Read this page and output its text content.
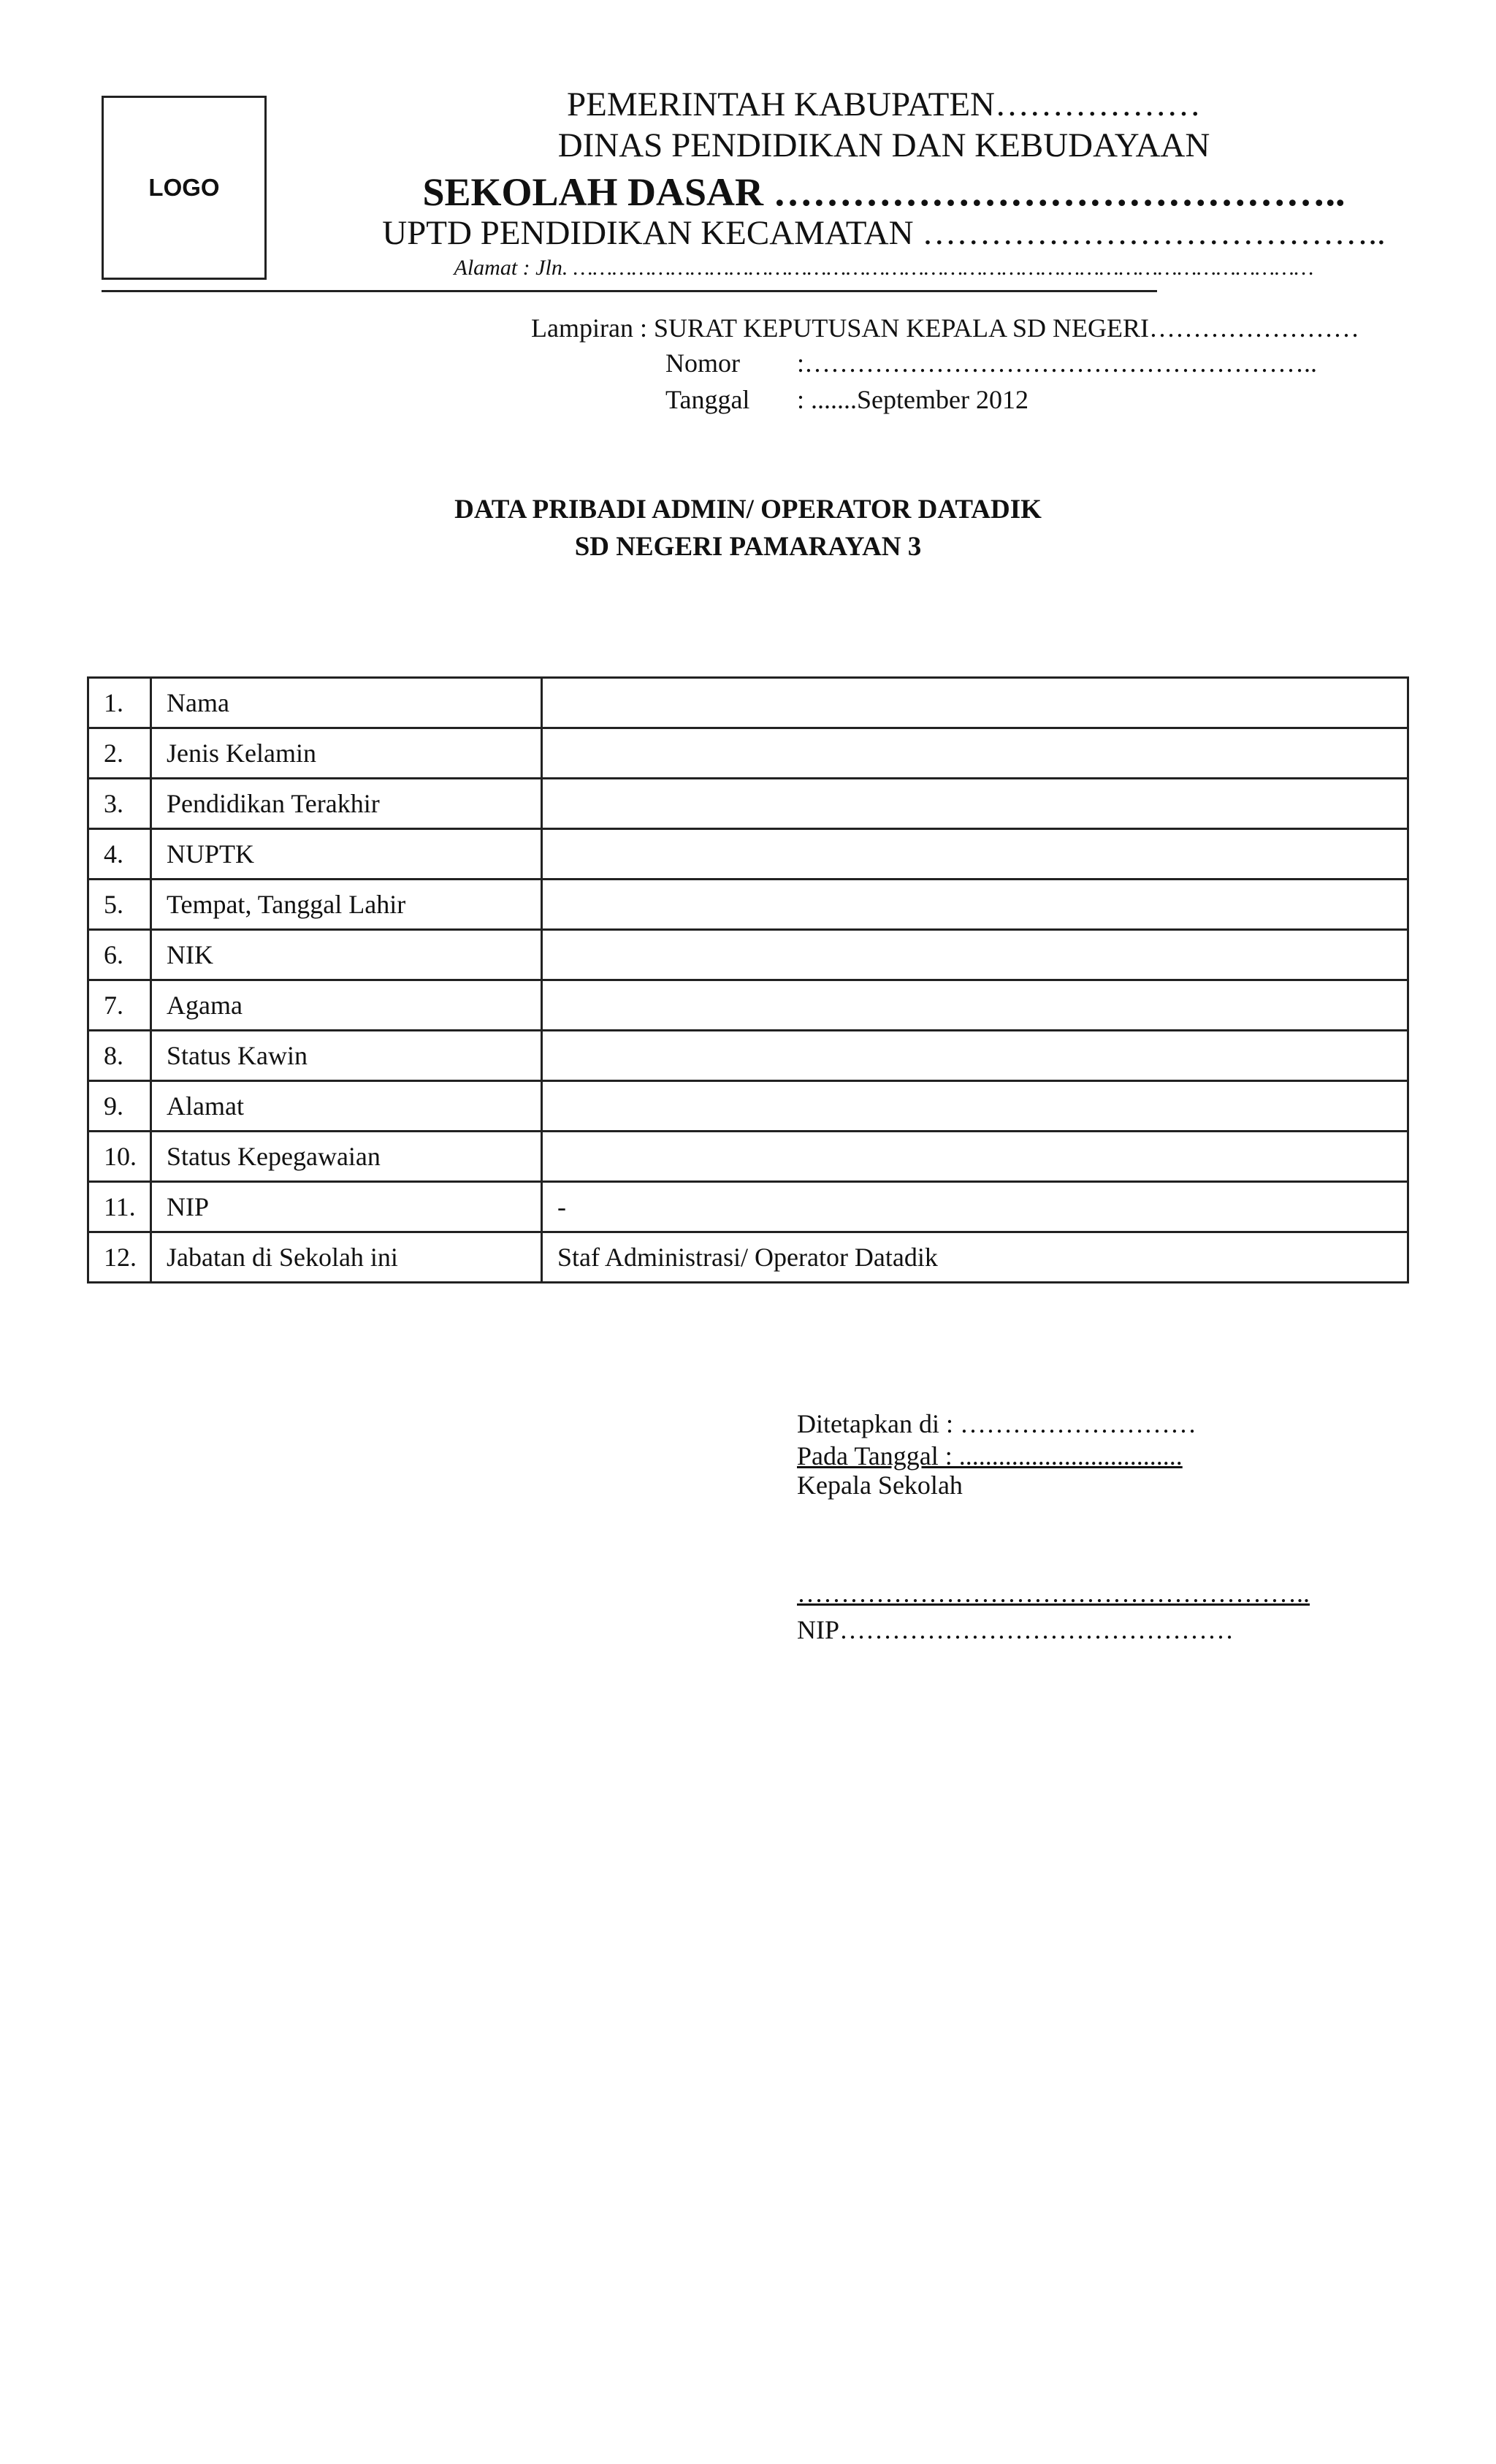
LOGO
PEMERINTAH KABUPATEN………………
DINAS PENDIDIKAN DAN KEBUDAYAAN
SEKOLAH DASAR ……………………………………..
UPTD PENDIDIKAN KECAMATAN …………………………………..
Alamat : Jln. ……………………………………………………………………………………………………
Lampiran : SURAT KEPUTUSAN KEPALA SD NEGERI……………………
Nomor :…………………………………………………..
Tanggal : .......September 2012
DATA PRIBADI ADMIN/ OPERATOR DATADIK
SD NEGERI PAMARAYAN 3
1.	Nama	
2.	Jenis Kelamin	
3.	Pendidikan Terakhir	
4.	NUPTK	
5.	Tempat, Tanggal Lahir	
6.	NIK	
7.	Agama	
8.	Status Kawin	
9.	Alamat	
10.	Status Kepegawaian	
11.	NIP	-
12.	Jabatan di Sekolah ini	Staf Administrasi/ Operator Datadik
Ditetapkan di : ………………………
Pada Tanggal : ..................................
Kepala Sekolah
…………………………………………………..
NIP………………………………………
